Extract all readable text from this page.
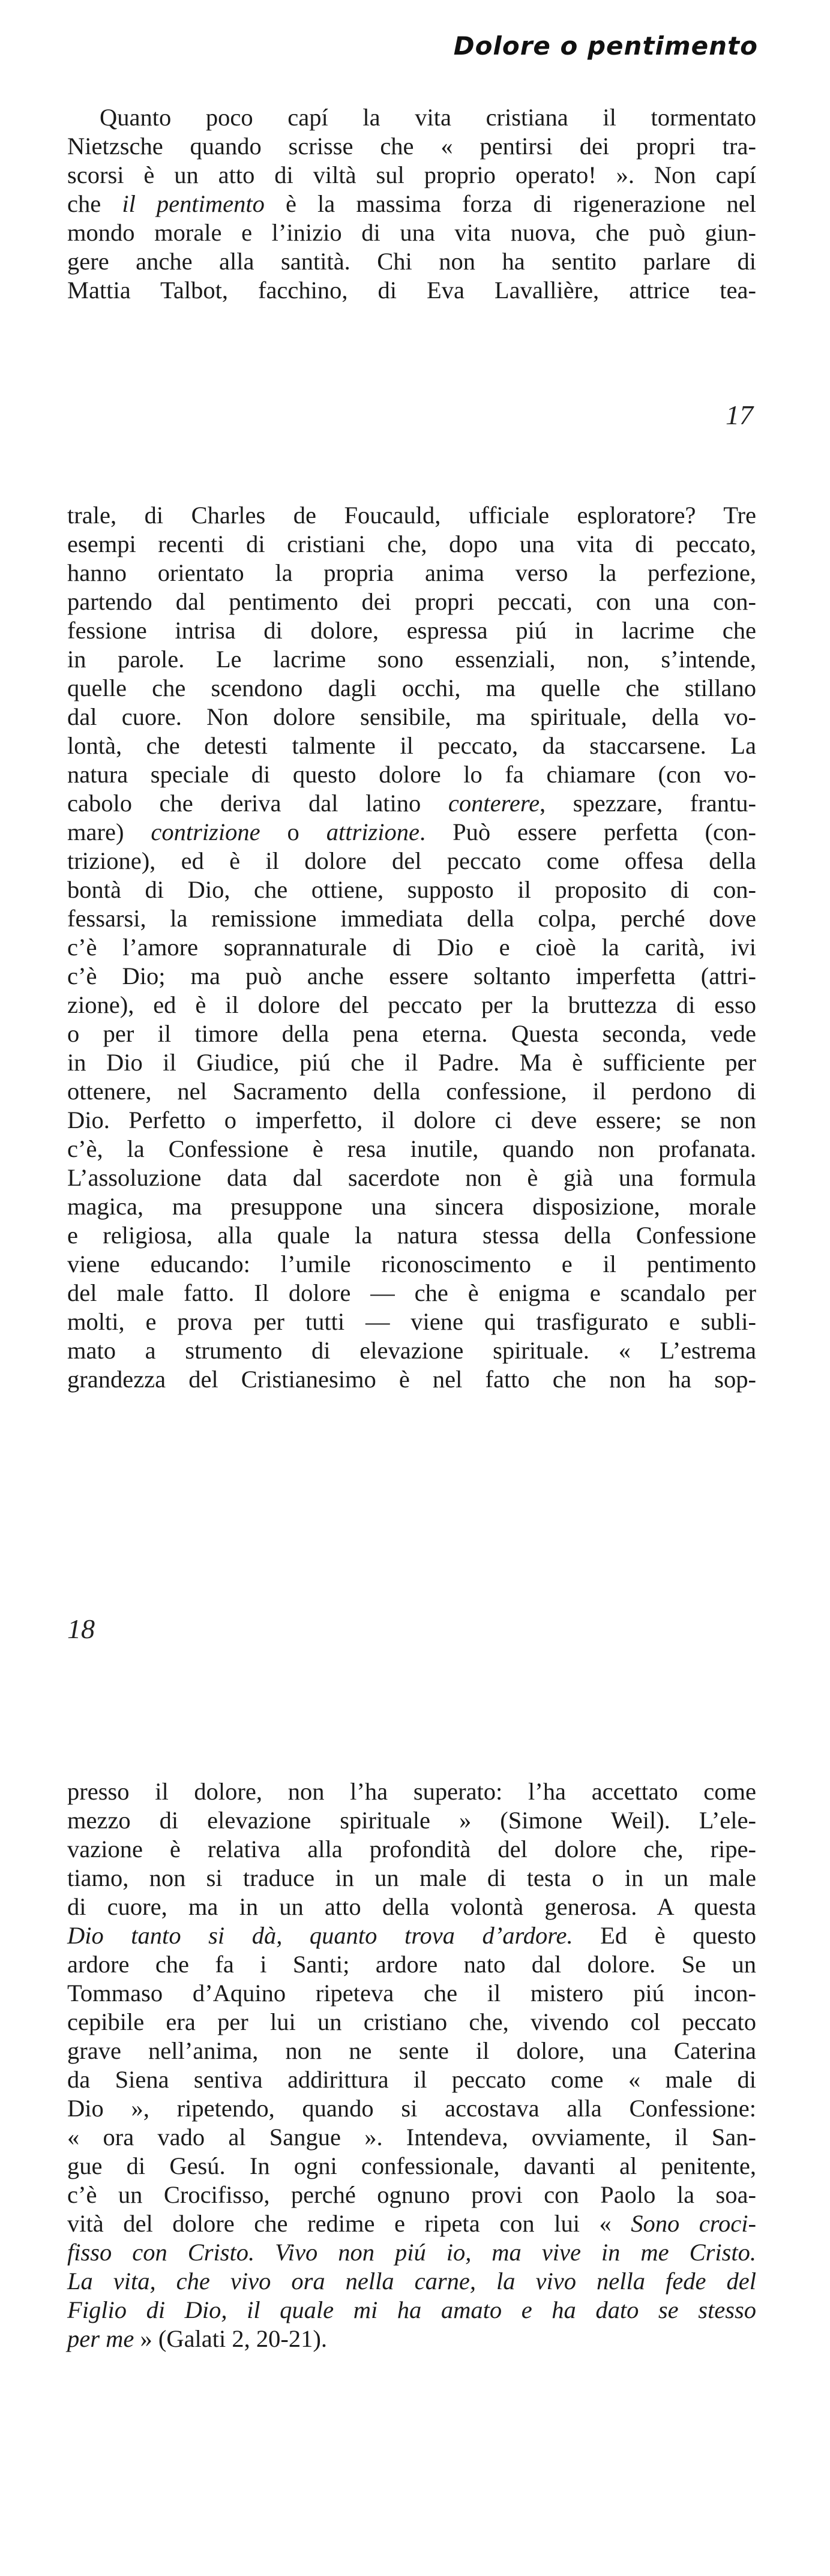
Dolore o pentimento

Quanto poco capí la vita cristiana il tormentato

Nietzsche quando scrisse che « pentirsi dei propri tra-

scorsi è un atto di viltà sul proprio operato! ». Non capí

che il pentimento è la massima forza di rigenerazione nel

mondo morale e l’inizio di una vita nuova, che può giun-

gere anche alla santità. Chi non ha sentito parlare di

Mattia Talbot, facchino, di Eva Lavallière, attrice tea-

17

trale, di Charles de Foucauld, ufficiale esploratore? Tre

esempi recenti di cristiani che, dopo una vita di peccato,

hanno orientato la propria anima verso la perfezione,

partendo dal pentimento dei propri peccati, con una con-

fessione intrisa di dolore, espressa piú in lacrime che

in parole. Le lacrime sono essenziali, non, s’intende,

quelle che scendono dagli occhi, ma quelle che stillano

dal cuore. Non dolore sensibile, ma spirituale, della vo-

lontà, che detesti talmente il peccato, da staccarsene. La

natura speciale di questo dolore lo fa chiamare (con vo-

cabolo che deriva dal latino conterere, spezzare, frantu-

mare) contrizione o attrizione. Può essere perfetta (con-

trizione), ed è il dolore del peccato come offesa della

bontà di Dio, che ottiene, supposto il proposito di con-

fessarsi, la remissione immediata della colpa, perché dove

c’è l’amore soprannaturale di Dio e cioè la carità, ivi

c’è Dio; ma può anche essere soltanto imperfetta (attri-

zione), ed è il dolore del peccato per la bruttezza di esso

o per il timore della pena eterna. Questa seconda, vede

in Dio il Giudice, piú che il Padre. Ma è sufficiente per

ottenere, nel Sacramento della confessione, il perdono di

Dio. Perfetto o imperfetto, il dolore ci deve essere; se non

c’è, la Confessione è resa inutile, quando non profanata.

L’assoluzione data dal sacerdote non è già una formula

magica, ma presuppone una sincera disposizione, morale

e religiosa, alla quale la natura stessa della Confessione

viene educando: l’umile riconoscimento e il pentimento

del male fatto. Il dolore — che è enigma e scandalo per

molti, e prova per tutti — viene qui trasfigurato e subli-

mato a strumento di elevazione spirituale. « L’estrema

grandezza del Cristianesimo è nel fatto che non ha sop-

18

presso il dolore, non l’ha superato: l’ha accettato come

mezzo di elevazione spirituale » (Simone Weil). L’ele-

vazione è relativa alla profondità del dolore che, ripe-

tiamo, non si traduce in un male di testa o in un male

di cuore, ma in un atto della volontà generosa. A questa

Dio tanto si dà, quanto trova d’ardore. Ed è questo

ardore che fa i Santi; ardore nato dal dolore. Se un

Tommaso d’Aquino ripeteva che il mistero piú incon-

cepibile era per lui un cristiano che, vivendo col peccato

grave nell’anima, non ne sente il dolore, una Caterina

da Siena sentiva addirittura il peccato come « male di

Dio », ripetendo, quando si accostava alla Confessione:

« ora vado al Sangue ». Intendeva, ovviamente, il San-

gue di Gesú. In ogni confessionale, davanti al penitente,

c’è un Crocifisso, perché ognuno provi con Paolo la soa-

vità del dolore che redime e ripeta con lui « Sono croci-

fisso con Cristo. Vivo non piú io, ma vive in me Cristo.

La vita, che vivo ora nella carne, la vivo nella fede del

Figlio di Dio, il quale mi ha amato e ha dato se stesso

per me » (Galati 2, 20-21).
